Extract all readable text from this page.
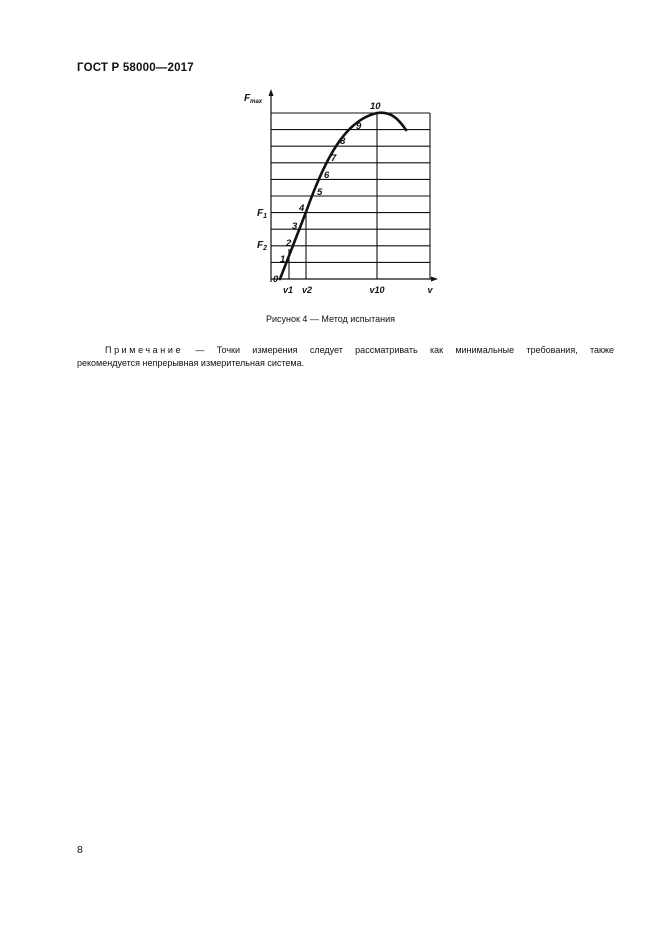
ГОСТ Р 58000—2017
$F_{max}$
$F_1$
$F_2$
v1 v2	v10	v
0
1
2
3
4
5
6
7
8
9
10
Рисунок 4 — Метод испытания
Примечание — Точки измерения следует рассматривать как минимальные требования, также
рекомендуется непрерывная измерительная система.
8
